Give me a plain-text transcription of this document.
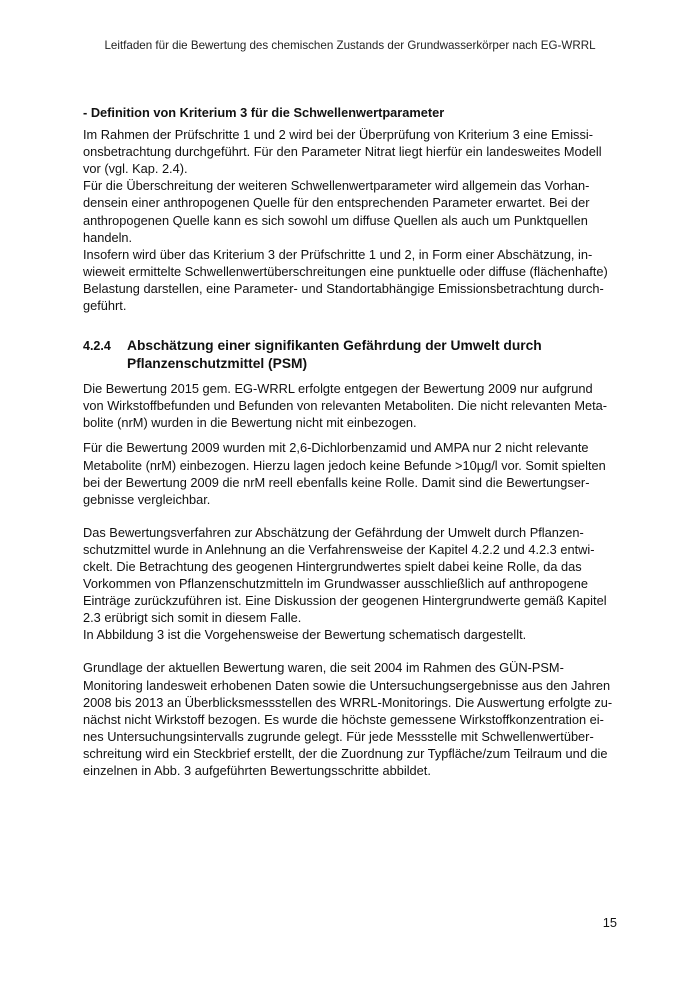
Leitfaden für die Bewertung des chemischen Zustands der Grundwasserkörper nach EG-WRRL

- Definition von Kriterium 3 für die Schwellenwertparameter

Im Rahmen der Prüfschritte 1 und 2 wird bei der Überprüfung von Kriterium 3 eine Emissi-

onsbetrachtung durchgeführt. Für den Parameter Nitrat liegt hierfür ein landesweites Modell

vor (vgl. Kap. 2.4).

Für die Überschreitung der weiteren Schwellenwertparameter wird allgemein das Vorhan-

densein einer anthropogenen Quelle für den entsprechenden Parameter erwartet. Bei der

anthropogenen Quelle kann es sich sowohl um diffuse Quellen als auch um Punktquellen

handeln.

Insofern wird über das Kriterium 3 der Prüfschritte 1 und 2, in Form einer Abschätzung, in-

wieweit ermittelte Schwellenwertüberschreitungen eine punktuelle oder diffuse (flächenhafte)

Belastung darstellen, eine Parameter- und Standortabhängige Emissionsbetrachtung durch-

geführt.

4.2.4	Abschätzung einer signifikanten Gefährdung der Umwelt durch
Pflanzenschutzmittel (PSM)

Die Bewertung 2015 gem. EG-WRRL erfolgte entgegen der Bewertung 2009 nur aufgrund

von Wirkstoffbefunden und Befunden von relevanten Metaboliten. Die nicht relevanten Meta-

bolite (nrM) wurden in die Bewertung nicht mit einbezogen.

Für die Bewertung 2009 wurden mit 2,6-Dichlorbenzamid und AMPA nur 2 nicht relevante

Metabolite (nrM) einbezogen. Hierzu lagen jedoch keine Befunde >10µg/l vor. Somit spielten

bei der Bewertung 2009 die nrM reell ebenfalls keine Rolle. Damit sind die Bewertungser-

gebnisse vergleichbar.

Das Bewertungsverfahren zur Abschätzung der Gefährdung der Umwelt durch Pflanzen-

schutzmittel wurde in Anlehnung an die Verfahrensweise der Kapitel 4.2.2 und 4.2.3 entwi-

ckelt. Die Betrachtung des geogenen Hintergrundwertes spielt dabei keine Rolle, da das

Vorkommen von Pflanzenschutzmitteln im Grundwasser ausschließlich auf anthropogene

Einträge zurückzuführen ist. Eine Diskussion der geogenen Hintergrundwerte gemäß Kapitel

2.3 erübrigt sich somit in diesem Falle.

In Abbildung 3 ist die Vorgehensweise der Bewertung schematisch dargestellt.

Grundlage der aktuellen Bewertung waren, die seit 2004 im Rahmen des GÜN-PSM-

Monitoring landesweit erhobenen Daten sowie die Untersuchungsergebnisse aus den Jahren

2008 bis 2013 an Überblicksmessstellen des WRRL-Monitorings. Die Auswertung erfolgte zu-

nächst nicht Wirkstoff bezogen. Es wurde die höchste gemessene Wirkstoffkonzentration ei-

nes Untersuchungsintervalls zugrunde gelegt. Für jede Messstelle mit Schwellenwertüber-

schreitung wird ein Steckbrief erstellt, der die Zuordnung zur Typfläche/zum Teilraum und die

einzelnen in Abb. 3 aufgeführten Bewertungsschritte abbildet.

15
